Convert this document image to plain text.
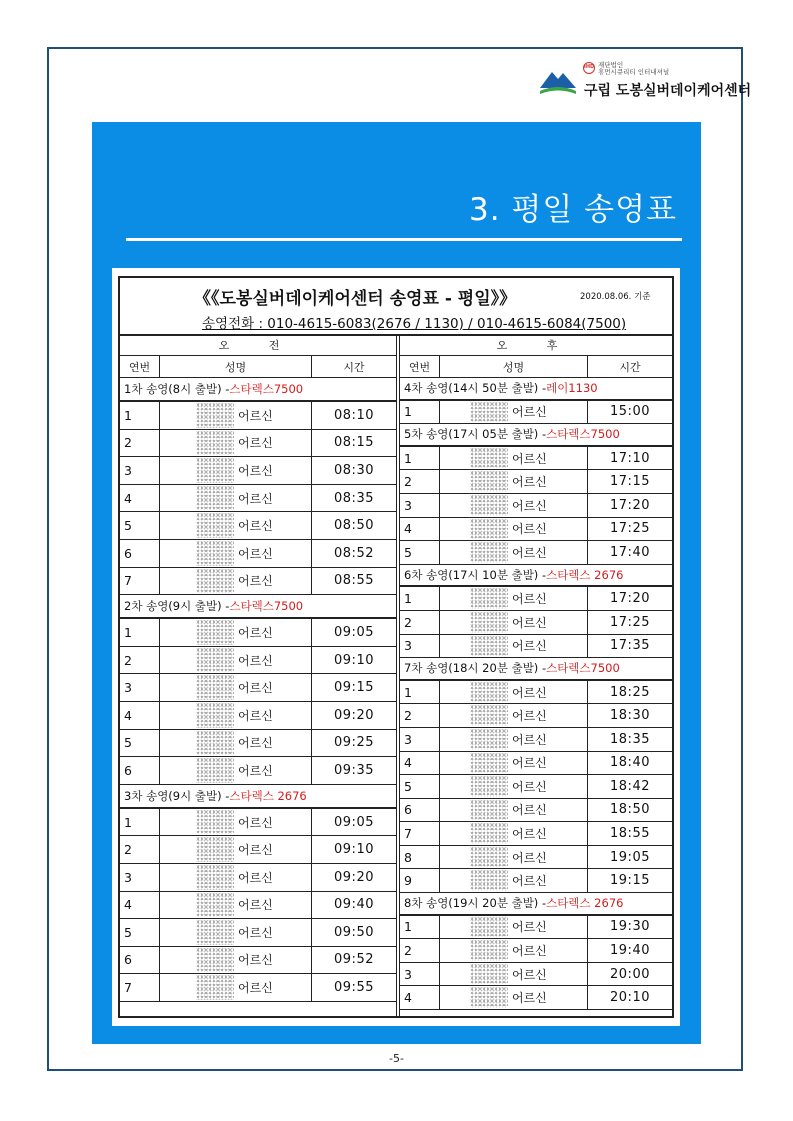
IHD 재단법인
휴먼시큐리티 인터내셔널
구립 도봉실버데이케어센터
3. 평일 송영표
《《도봉실버데이케어센터 송영표 - 평일》》	2020.08.06. 기준
송영전화 : 010-4615-6083(2676 / 1130) / 010-4615-6084(7500)
오 전
연번	성명	시간
1차 송영(8시 출발) - 스타렉스7500
1	어르신	08:10
2	어르신	08:15
3	어르신	08:30
4	어르신	08:35
5	어르신	08:50
6	어르신	08:52
7	어르신	08:55
2차 송영(9시 출발) - 스타렉스7500
1	어르신	09:05
2	어르신	09:10
3	어르신	09:15
4	어르신	09:20
5	어르신	09:25
6	어르신	09:35
3차 송영(9시 출발) - 스타렉스 2676
1	어르신	09:05
2	어르신	09:10
3	어르신	09:20
4	어르신	09:40
5	어르신	09:50
6	어르신	09:52
7	어르신	09:55
오 후
연번	성명	시간
4차 송영(14시 50분 출발) - 레이1130
1	어르신	15:00
5차 송영(17시 05분 출발) - 스타렉스7500
1	어르신	17:10
2	어르신	17:15
3	어르신	17:20
4	어르신	17:25
5	어르신	17:40
6차 송영(17시 10분 출발) - 스타렉스 2676
1	어르신	17:20
2	어르신	17:25
3	어르신	17:35
7차 송영(18시 20분 출발) - 스타렉스7500
1	어르신	18:25
2	어르신	18:30
3	어르신	18:35
4	어르신	18:40
5	어르신	18:42
6	어르신	18:50
7	어르신	18:55
8	어르신	19:05
9	어르신	19:15
8차 송영(19시 20분 출발) - 스타렉스 2676
1	어르신	19:30
2	어르신	19:40
3	어르신	20:00
4	어르신	20:10
-5-
